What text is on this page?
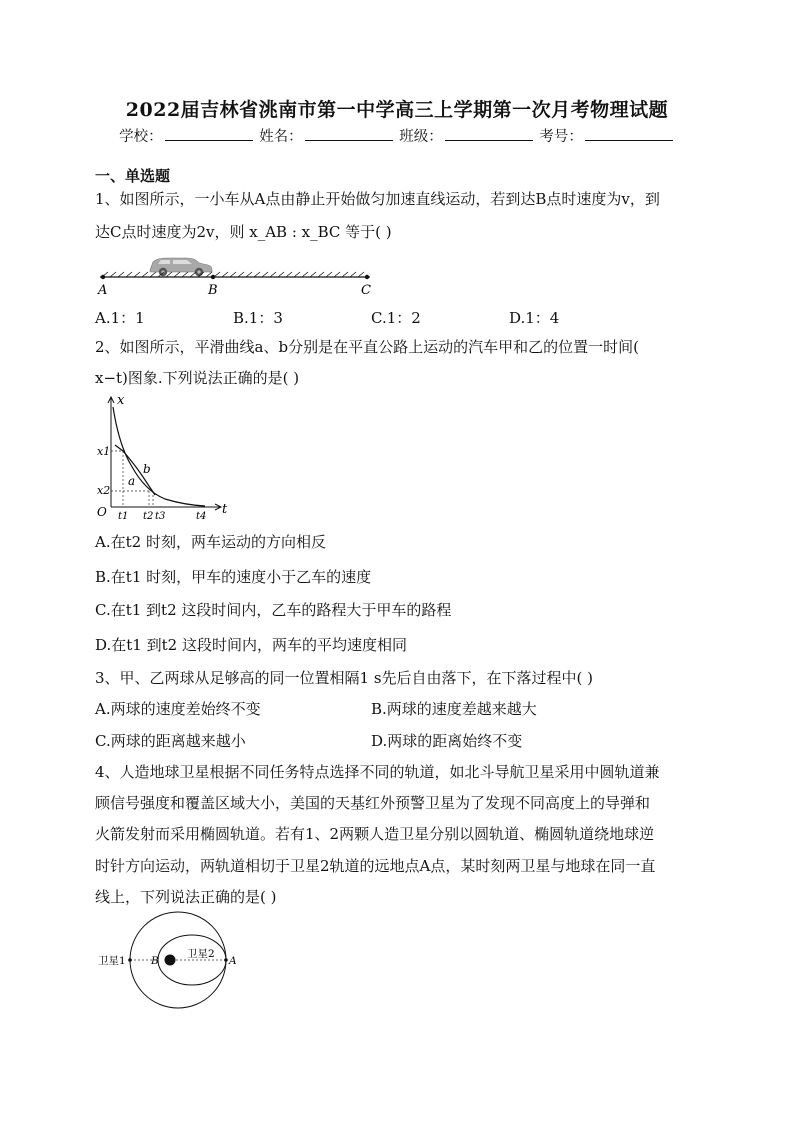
2022届吉林省洮南市第一中学高三上学期第一次月考物理试题
学校：	姓名：	班级：	考号：
一、单选题
1、如图所示，一小车从A点由静止开始做匀加速直线运动，若到达B点时速度为v，到
达C点时速度为2v，则 x_AB : x_BC 等于( )
A	B	C
A.1：1	B.1：3	C.1：2	D.1：4
2、如图所示，平滑曲线a、b分别是在平直公路上运动的汽车甲和乙的位置一时间(
x−t)图象.下列说法正确的是( )
x
t
O
x1
x2
b
a
t1 t2 t3	t4
A.在t2 时刻，两车运动的方向相反
B.在t1 时刻，甲车的速度小于乙车的速度
C.在t1 到t2 这段时间内，乙车的路程大于甲车的路程
D.在t1 到t2 这段时间内，两车的平均速度相同
3、甲、乙两球从足够高的同一位置相隔1 s先后自由落下，在下落过程中( )
A.两球的速度差始终不变	B.两球的速度差越来越大
C.两球的距离越来越小	D.两球的距离始终不变
4、人造地球卫星根据不同任务特点选择不同的轨道，如北斗导航卫星采用中圆轨道兼
顾信号强度和覆盖区域大小，美国的天基红外预警卫星为了发现不同高度上的导弹和
火箭发射而采用椭圆轨道。若有1、2两颗人造卫星分别以圆轨道、椭圆轨道绕地球逆
时针方向运动，两轨道相切于卫星2轨道的远地点A点，某时刻两卫星与地球在同一直
线上，下列说法正确的是( )
卫星1
卫星2
B	A
